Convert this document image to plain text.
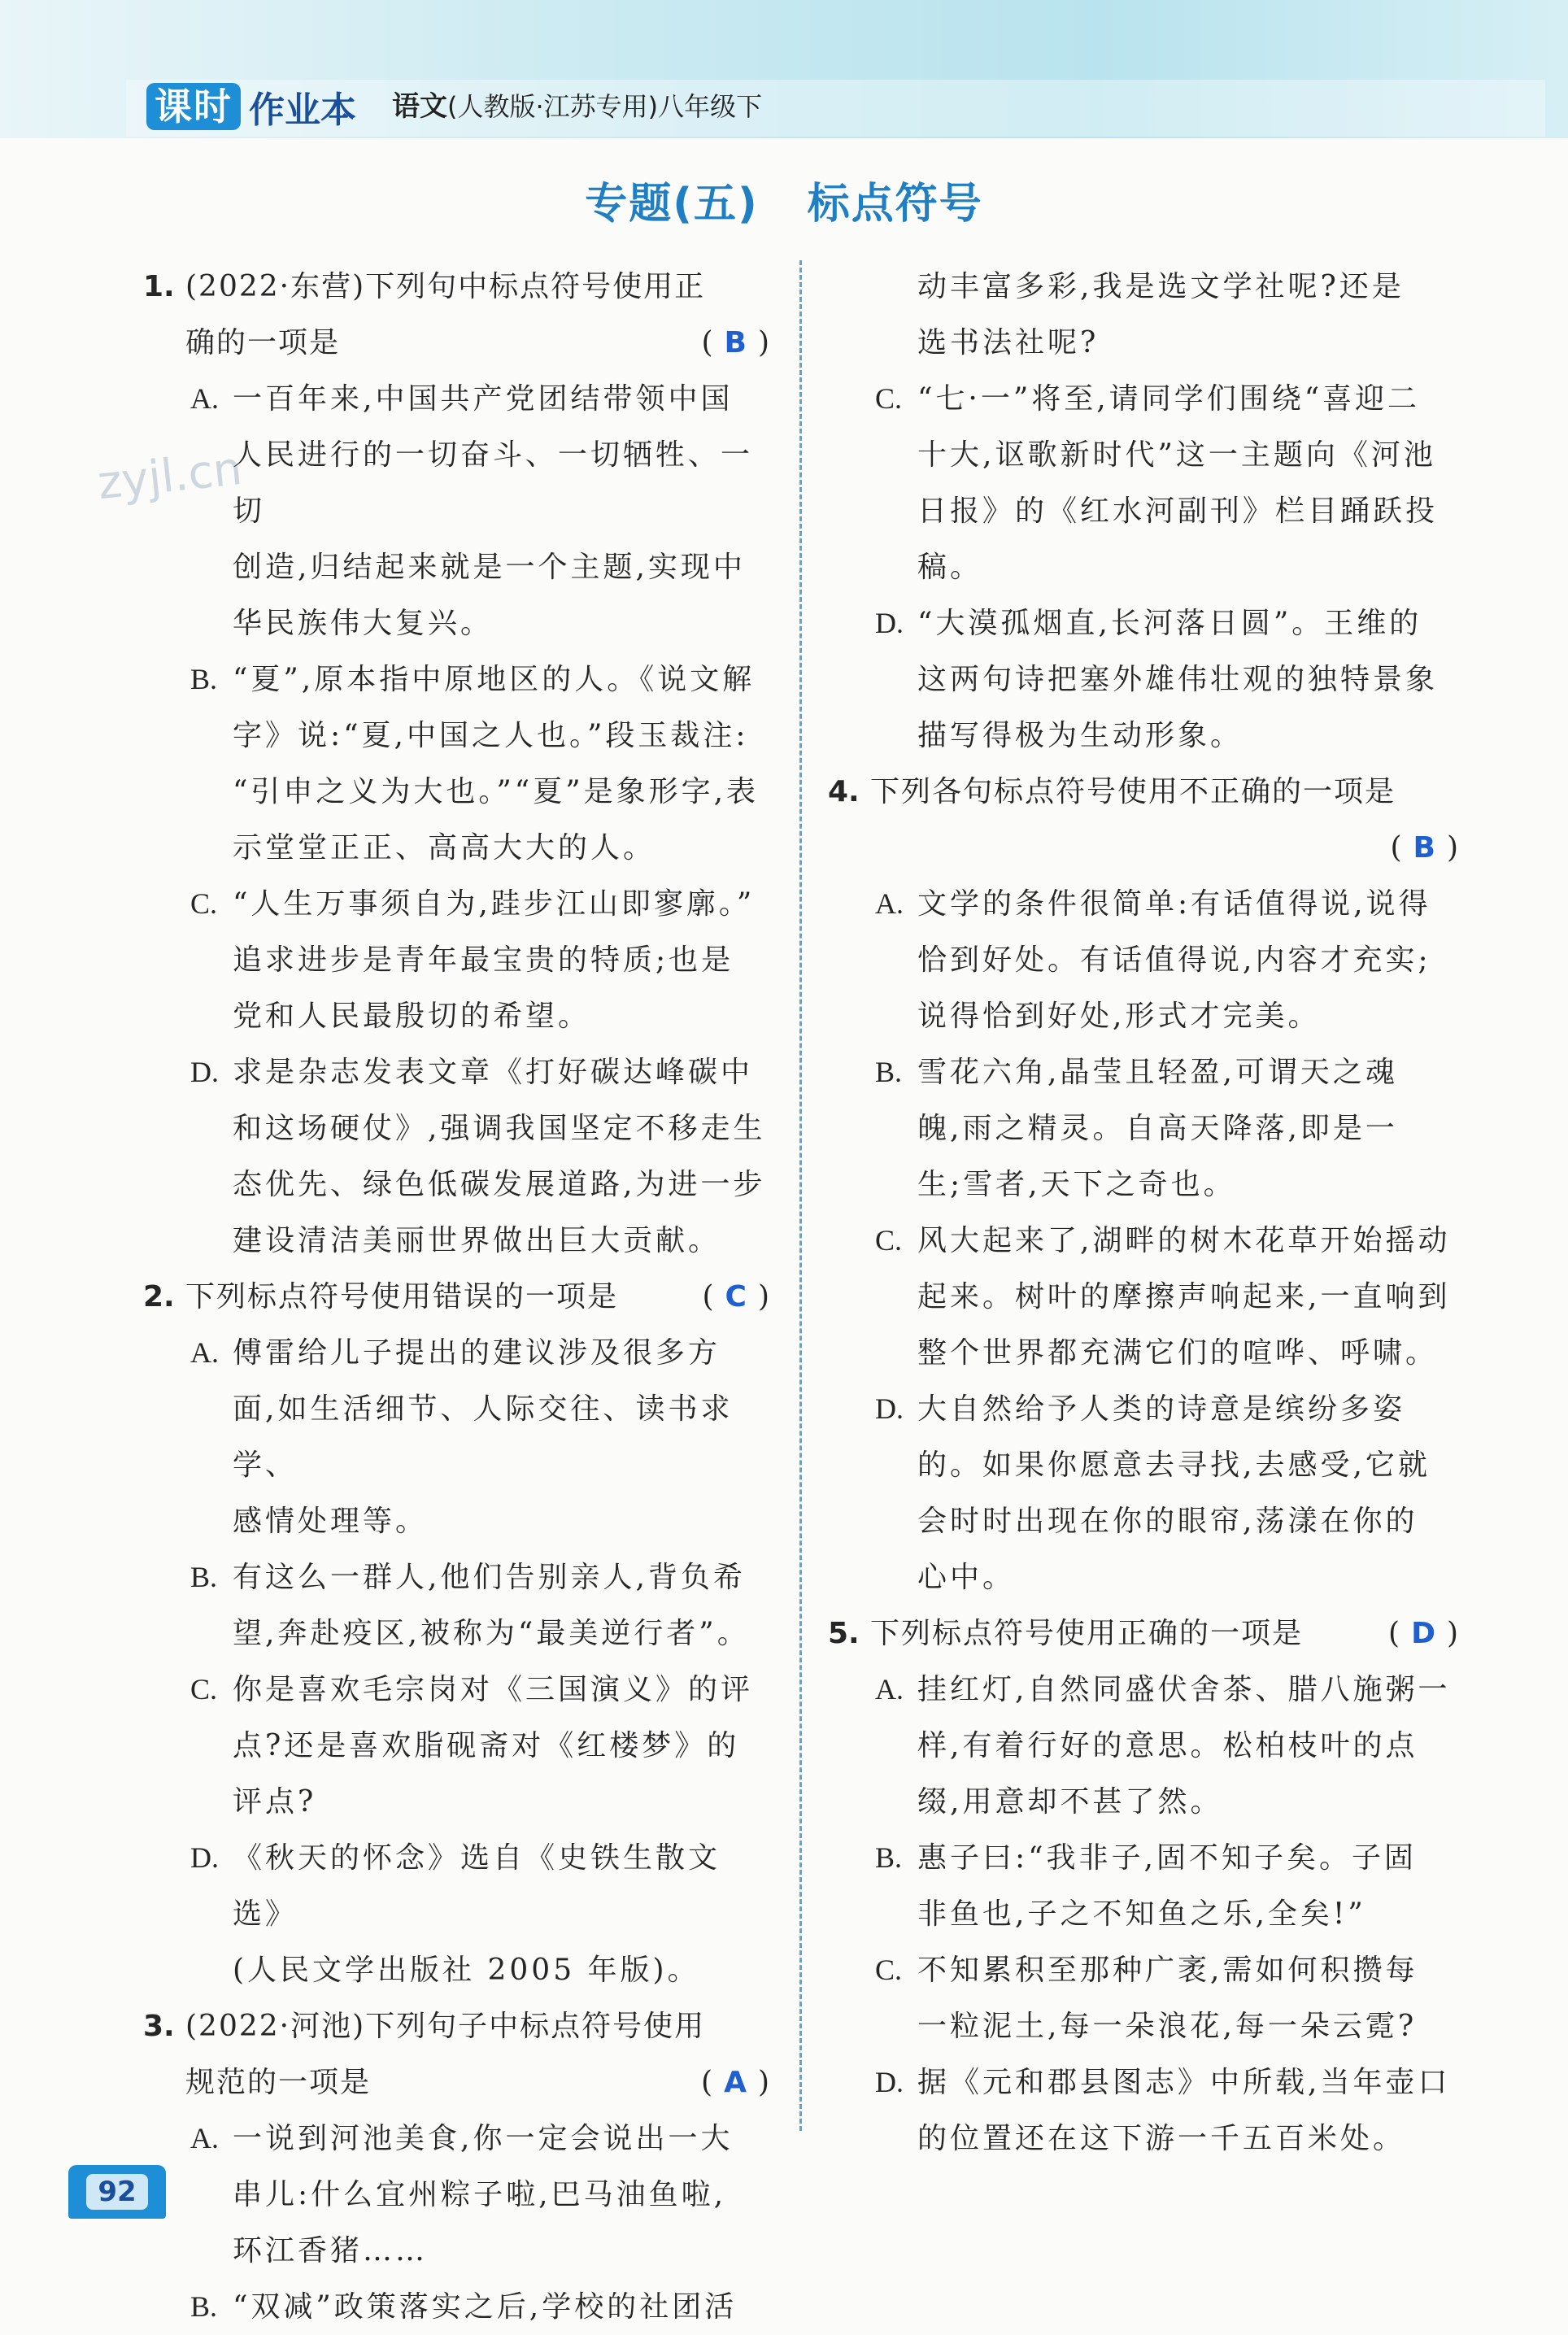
课时 作业本 语文(人教版·江苏专用)八年级下
专题(五) 标点符号
zyjl.cn
1. (2022·东营)下列句中标点符号使用正
确的一项是	( B )
A. 一百年来,中国共产党团结带领中国
人民进行的一切奋斗、一切牺牲、一切
创造,归结起来就是一个主题,实现中
华民族伟大复兴。
B. “夏”,原本指中原地区的人。《说文解
字》说:“夏,中国之人也。”段玉裁注:
“引申之义为大也。”“夏”是象形字,表
示堂堂正正、高高大大的人。
C. “人生万事须自为,跬步江山即寥廓。”
追求进步是青年最宝贵的特质;也是
党和人民最殷切的希望。
D. 求是杂志发表文章《打好碳达峰碳中
和这场硬仗》,强调我国坚定不移走生
态优先、绿色低碳发展道路,为进一步
建设清洁美丽世界做出巨大贡献。
2. 下列标点符号使用错误的一项是	( C )
A. 傅雷给儿子提出的建议涉及很多方
面,如生活细节、人际交往、读书求学、
感情处理等。
B. 有这么一群人,他们告别亲人,背负希
望,奔赴疫区,被称为“最美逆行者”。
C. 你是喜欢毛宗岗对《三国演义》的评
点?还是喜欢脂砚斋对《红楼梦》的
评点?
D. 《秋天的怀念》选自《史铁生散文选》
(人民文学出版社 2005 年版)。
3. (2022·河池)下列句子中标点符号使用
规范的一项是	( A )
A. 一说到河池美食,你一定会说出一大
串儿:什么宜州粽子啦,巴马油鱼啦,
环江香猪……
B. “双减”政策落实之后,学校的社团活
动丰富多彩,我是选文学社呢?还是
选书法社呢?
C. “七·一”将至,请同学们围绕“喜迎二
十大,讴歌新时代”这一主题向《河池
日报》的《红水河副刊》栏目踊跃投稿。
D. “大漠孤烟直,长河落日圆”。王维的
这两句诗把塞外雄伟壮观的独特景象
描写得极为生动形象。
4. 下列各句标点符号使用不正确的一项是
( B )
A. 文学的条件很简单:有话值得说,说得
恰到好处。有话值得说,内容才充实;
说得恰到好处,形式才完美。
B. 雪花六角,晶莹且轻盈,可谓天之魂
魄,雨之精灵。自高天降落,即是一
生;雪者,天下之奇也。
C. 风大起来了,湖畔的树木花草开始摇动
起来。树叶的摩擦声响起来,一直响到
整个世界都充满它们的喧哗、呼啸。
D. 大自然给予人类的诗意是缤纷多姿
的。如果你愿意去寻找,去感受,它就
会时时出现在你的眼帘,荡漾在你的
心中。
5. 下列标点符号使用正确的一项是	( D )
A. 挂红灯,自然同盛伏舍茶、腊八施粥一
样,有着行好的意思。松柏枝叶的点
缀,用意却不甚了然。
B. 惠子曰:“我非子,固不知子矣。子固
非鱼也,子之不知鱼之乐,全矣!”
C. 不知累积至那种广袤,需如何积攒每
一粒泥土,每一朵浪花,每一朵云霓?
D. 据《元和郡县图志》中所载,当年壶口
的位置还在这下游一千五百米处。
92
